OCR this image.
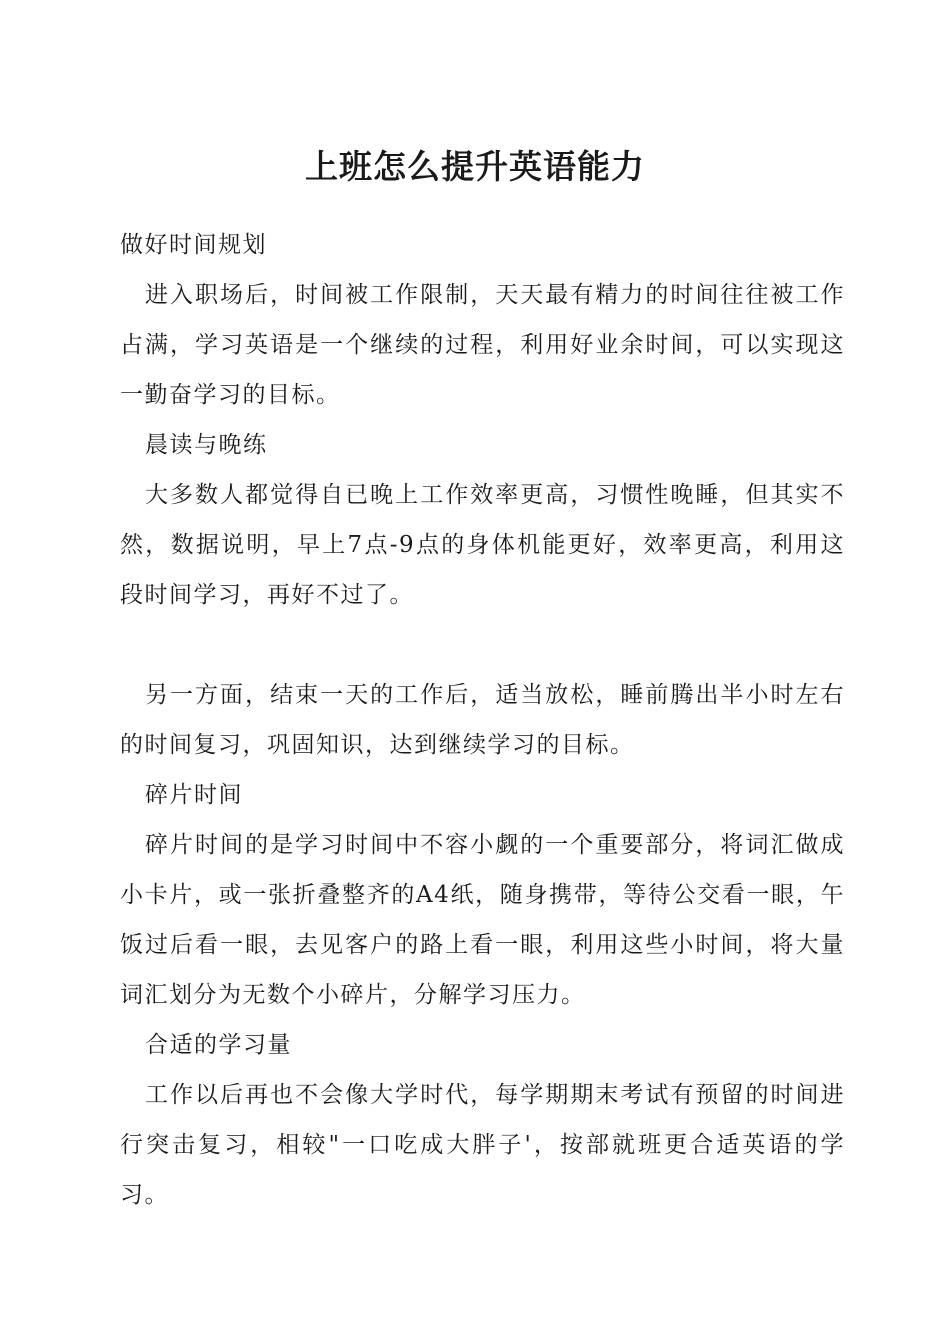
上班怎么提升英语能力

做好时间规划

进入职场后，时间被工作限制，天天最有精力的时间往往被工作占满，学习英语是一个继续的过程，利用好业余时间，可以实现这一勤奋学习的目标。

晨读与晚练

大多数人都觉得自已晚上工作效率更高，习惯性晚睡，但其实不然，数据说明，早上7点-9点的身体机能更好，效率更高，利用这段时间学习，再好不过了。

另一方面，结束一天的工作后，适当放松，睡前腾出半小时左右的时间复习，巩固知识，达到继续学习的目标。

碎片时间

碎片时间的是学习时间中不容小觑的一个重要部分，将词汇做成小卡片，或一张折叠整齐的A4纸，随身携带，等待公交看一眼，午饭过后看一眼，去见客户的路上看一眼，利用这些小时间，将大量词汇划分为无数个小碎片，分解学习压力。

合适的学习量

工作以后再也不会像大学时代，每学期期末考试有预留的时间进行突击复习，相较"一口吃成大胖子'，按部就班更合适英语的学习。
